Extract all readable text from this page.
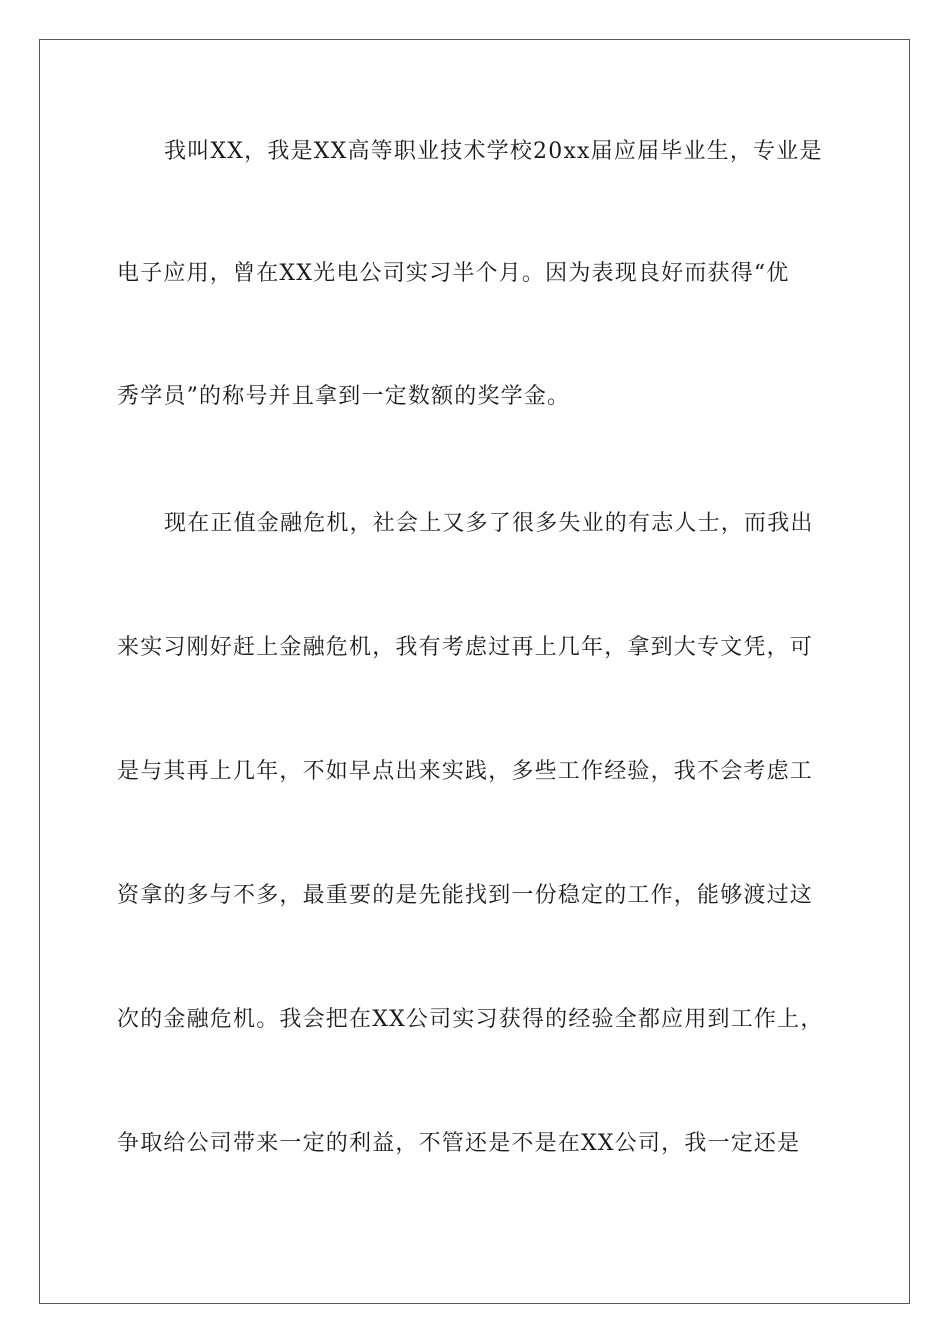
我叫XX，我是XX高等职业技术学校20xx届应届毕业生，专业是
电子应用，曾在XX光电公司实习半个月。因为表现良好而获得“优
秀学员”的称号并且拿到一定数额的奖学金。
现在正值金融危机，社会上又多了很多失业的有志人士，而我出
来实习刚好赶上金融危机，我有考虑过再上几年，拿到大专文凭，可
是与其再上几年，不如早点出来实践，多些工作经验，我不会考虑工
资拿的多与不多，最重要的是先能找到一份稳定的工作，能够渡过这
次的金融危机。我会把在XX公司实习获得的经验全都应用到工作上，
争取给公司带来一定的利益，不管还是不是在XX公司，我一定还是
